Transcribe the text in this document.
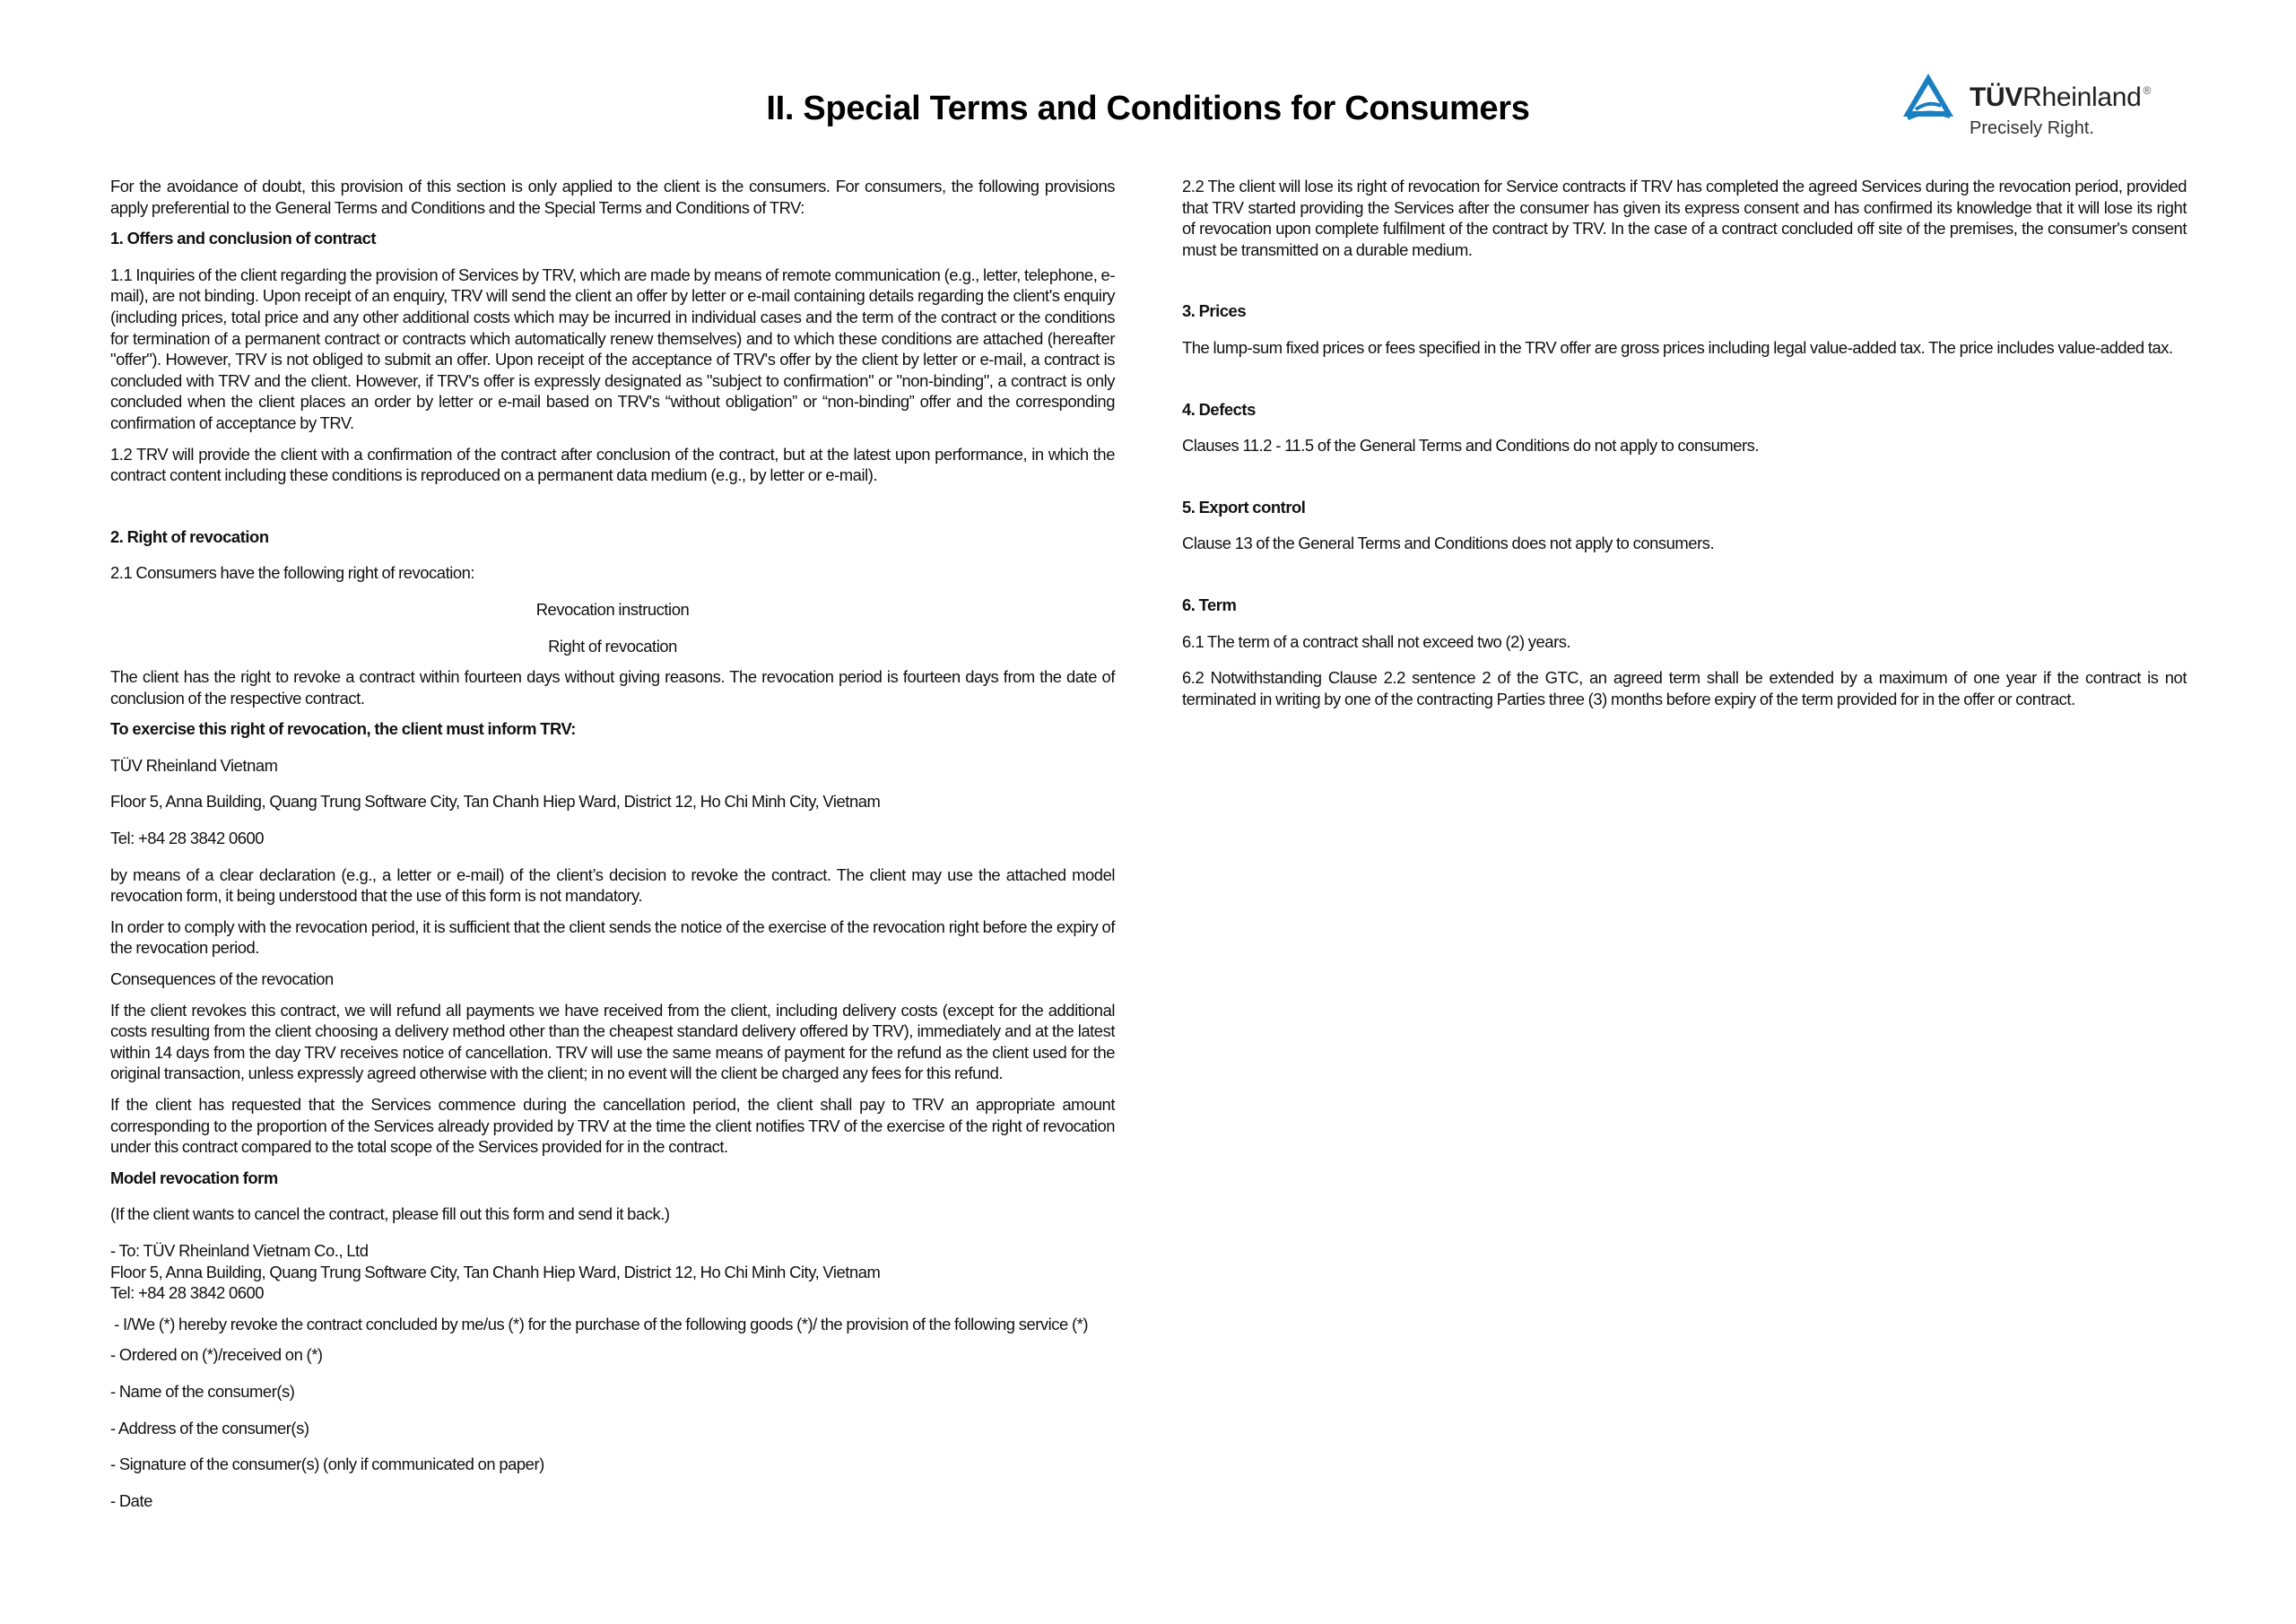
II. Special Terms and Conditions for Consumers	TÜVRheinland ®
Precisely Right.

For the avoidance of doubt, this provision of this section is only applied to the client is the consumers. For consumers, the following provisions apply preferential to the General Terms and Conditions and the Special Terms and Conditions of TRV:

1. Offers and conclusion of contract

1.1 Inquiries of the client regarding the provision of Services by TRV, which are made by means of remote communication (e.g., letter, telephone, e-mail), are not binding. Upon receipt of an enquiry, TRV will send the client an offer by letter or e-mail containing details regarding the client's enquiry (including prices, total price and any other additional costs which may be incurred in individual cases and the term of the contract or the conditions for termination of a permanent contract or contracts which automatically renew themselves) and to which these conditions are attached (hereafter "offer"). However, TRV is not obliged to submit an offer. Upon receipt of the acceptance of TRV's offer by the client by letter or e-mail, a contract is concluded with TRV and the client. However, if TRV's offer is expressly designated as "subject to confirmation" or "non-binding", a contract is only concluded when the client places an order by letter or e-mail based on TRV's “without obligation” or “non-binding” offer and the corresponding confirmation of acceptance by TRV.

1.2 TRV will provide the client with a confirmation of the contract after conclusion of the contract, but at the latest upon performance, in which the contract content including these conditions is reproduced on a permanent data medium (e.g., by letter or e-mail).

2. Right of revocation

2.1 Consumers have the following right of revocation:

Revocation instruction

Right of revocation

The client has the right to revoke a contract within fourteen days without giving reasons. The revocation period is fourteen days from the date of conclusion of the respective contract.

To exercise this right of revocation, the client must inform TRV:

TÜV Rheinland Vietnam

Floor 5, Anna Building, Quang Trung Software City, Tan Chanh Hiep Ward, District 12, Ho Chi Minh City, Vietnam

Tel: +84 28 3842 0600

by means of a clear declaration (e.g., a letter or e-mail) of the client’s decision to revoke the contract. The client may use the attached model revocation form, it being understood that the use of this form is not mandatory.

In order to comply with the revocation period, it is sufficient that the client sends the notice of the exercise of the revocation right before the expiry of the revocation period.

Consequences of the revocation

If the client revokes this contract, we will refund all payments we have received from the client, including delivery costs (except for the additional costs resulting from the client choosing a delivery method other than the cheapest standard delivery offered by TRV), immediately and at the latest within 14 days from the day TRV receives notice of cancellation. TRV will use the same means of payment for the refund as the client used for the original transaction, unless expressly agreed otherwise with the client; in no event will the client be charged any fees for this refund.

If the client has requested that the Services commence during the cancellation period, the client shall pay to TRV an appropriate amount corresponding to the proportion of the Services already provided by TRV at the time the client notifies TRV of the exercise of the right of revocation under this contract compared to the total scope of the Services provided for in the contract.

Model revocation form

(If the client wants to cancel the contract, please fill out this form and send it back.)

- To: TÜV Rheinland Vietnam Co., Ltd

Floor 5, Anna Building, Quang Trung Software City, Tan Chanh Hiep Ward, District 12, Ho Chi Minh City, Vietnam

Tel: +84 28 3842 0600

- I/We (*) hereby revoke the contract concluded by me/us (*) for the purchase of the following goods (*)/ the provision of the following service (*)

- Ordered on (*)/received on (*)

- Name of the consumer(s)

- Address of the consumer(s)

- Signature of the consumer(s) (only if communicated on paper)

- Date

2.2 The client will lose its right of revocation for Service contracts if TRV has completed the agreed Services during the revocation period, provided that TRV started providing the Services after the consumer has given its express consent and has confirmed its knowledge that it will lose its right of revocation upon complete fulfilment of the contract by TRV. In the case of a contract concluded off site of the premises, the consumer's consent must be transmitted on a durable medium.

3. Prices

The lump-sum fixed prices or fees specified in the TRV offer are gross prices including legal value-added tax. The price includes value-added tax.

4. Defects

Clauses 11.2 - 11.5 of the General Terms and Conditions do not apply to consumers.

5. Export control

Clause 13 of the General Terms and Conditions does not apply to consumers.

6. Term

6.1 The term of a contract shall not exceed two (2) years.

6.2 Notwithstanding Clause 2.2 sentence 2 of the GTC, an agreed term shall be extended by a maximum of one year if the contract is not terminated in writing by one of the contracting Parties three (3) months before expiry of the term provided for in the offer or contract.
